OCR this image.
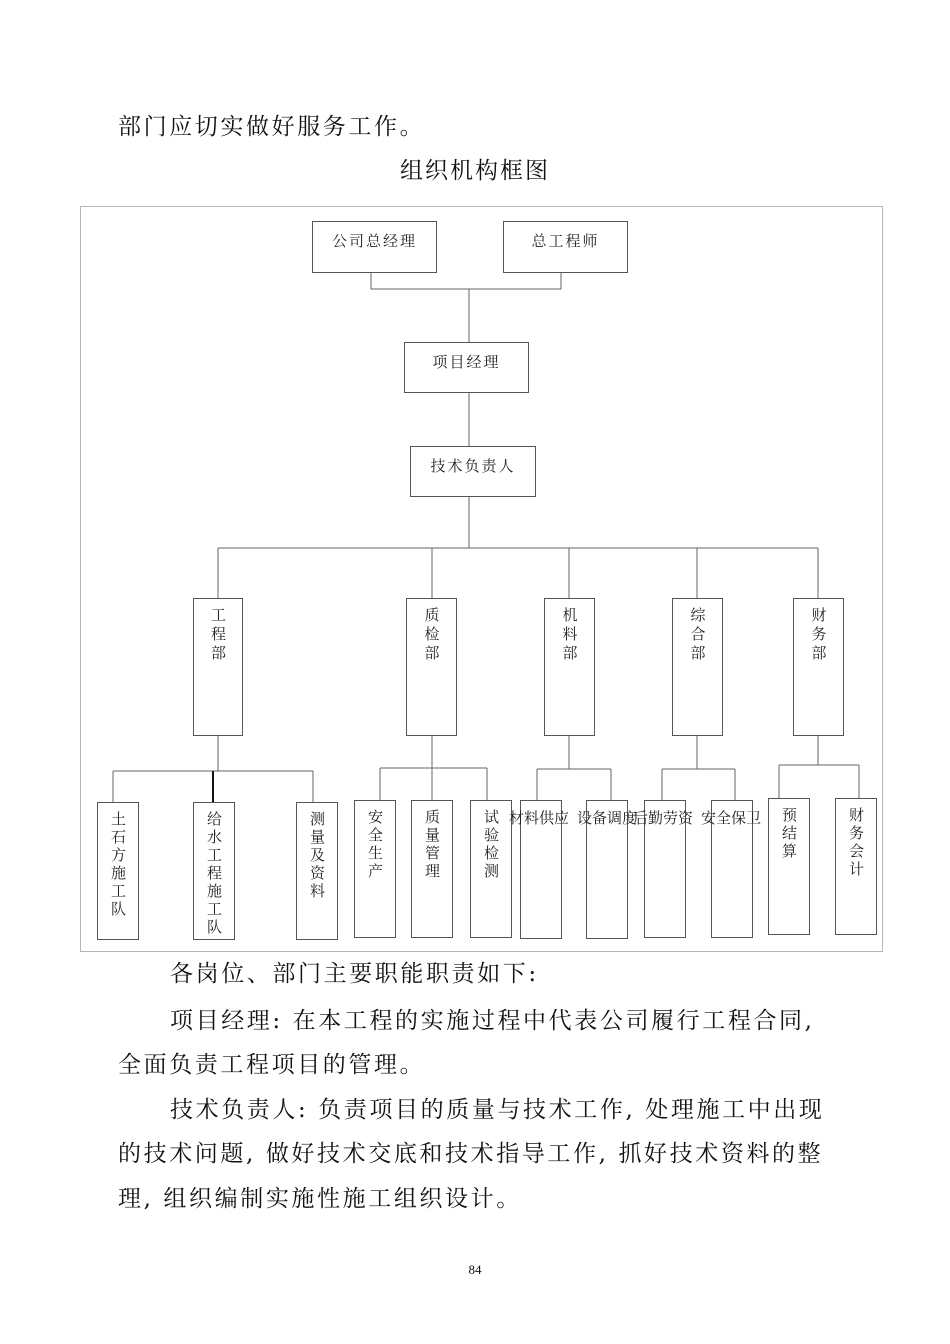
部门应切实做好服务工作。

组织机构框图
公司总经理	总工程师
项目经理
技术负责人
工程部	质检部	机料部	综合部	财务部
土石方施工队	给水工程施工队	测量及资料	安全生产	质量管理	试验检测 材料供应 设备调度
后勤劳资 安全保卫 预结算	财务会计

各岗位、部门主要职能职责如下:

项目经理: 在本工程的实施过程中代表公司履行工程合同,

全面负责工程项目的管理。

技术负责人: 负责项目的质量与技术工作, 处理施工中出现

的技术问题, 做好技术交底和技术指导工作, 抓好技术资料的整

理, 组织编制实施性施工组织设计。

84
